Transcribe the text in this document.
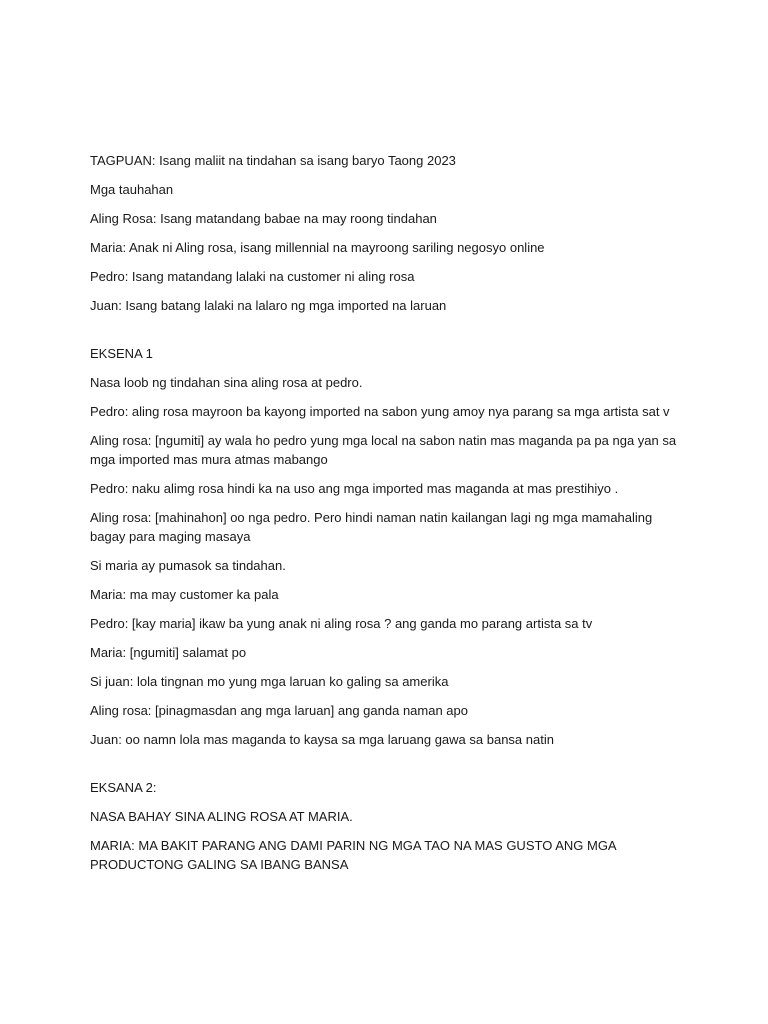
TAGPUAN: Isang maliit na tindahan sa isang baryo Taong 2023

Mga tauhahan

Aling Rosa: Isang matandang babae na may roong tindahan

Maria: Anak ni Aling rosa, isang millennial na mayroong sariling negosyo online

Pedro: Isang matandang lalaki na customer ni aling rosa

Juan: Isang batang lalaki na lalaro ng mga imported na laruan

EKSENA 1

Nasa loob ng tindahan sina aling rosa at pedro.

Pedro: aling rosa mayroon ba kayong imported na sabon yung amoy nya parang sa mga artista sat v

Aling rosa: [ngumiti] ay wala ho pedro yung mga local na sabon natin mas maganda pa pa nga yan sa mga imported mas mura atmas mabango

Pedro: naku alimg rosa hindi ka na uso ang mga imported mas maganda at mas prestihiyo .

Aling rosa: [mahinahon] oo nga pedro. Pero hindi naman natin kailangan lagi ng mga mamahaling bagay para maging masaya

Si maria ay pumasok sa tindahan.

Maria: ma may customer ka pala

Pedro: [kay maria] ikaw ba yung anak ni aling rosa ? ang ganda mo parang artista sa tv

Maria: [ngumiti] salamat po

Si juan: lola tingnan mo yung mga laruan ko galing sa amerika

Aling rosa: [pinagmasdan ang mga laruan] ang ganda naman apo

Juan: oo namn lola mas maganda to kaysa sa mga laruang gawa sa bansa natin

EKSANA 2:

NASA BAHAY SINA ALING ROSA AT MARIA.

MARIA: MA BAKIT PARANG ANG DAMI PARIN NG MGA TAO NA MAS GUSTO ANG MGA PRODUCTONG GALING SA IBANG BANSA
